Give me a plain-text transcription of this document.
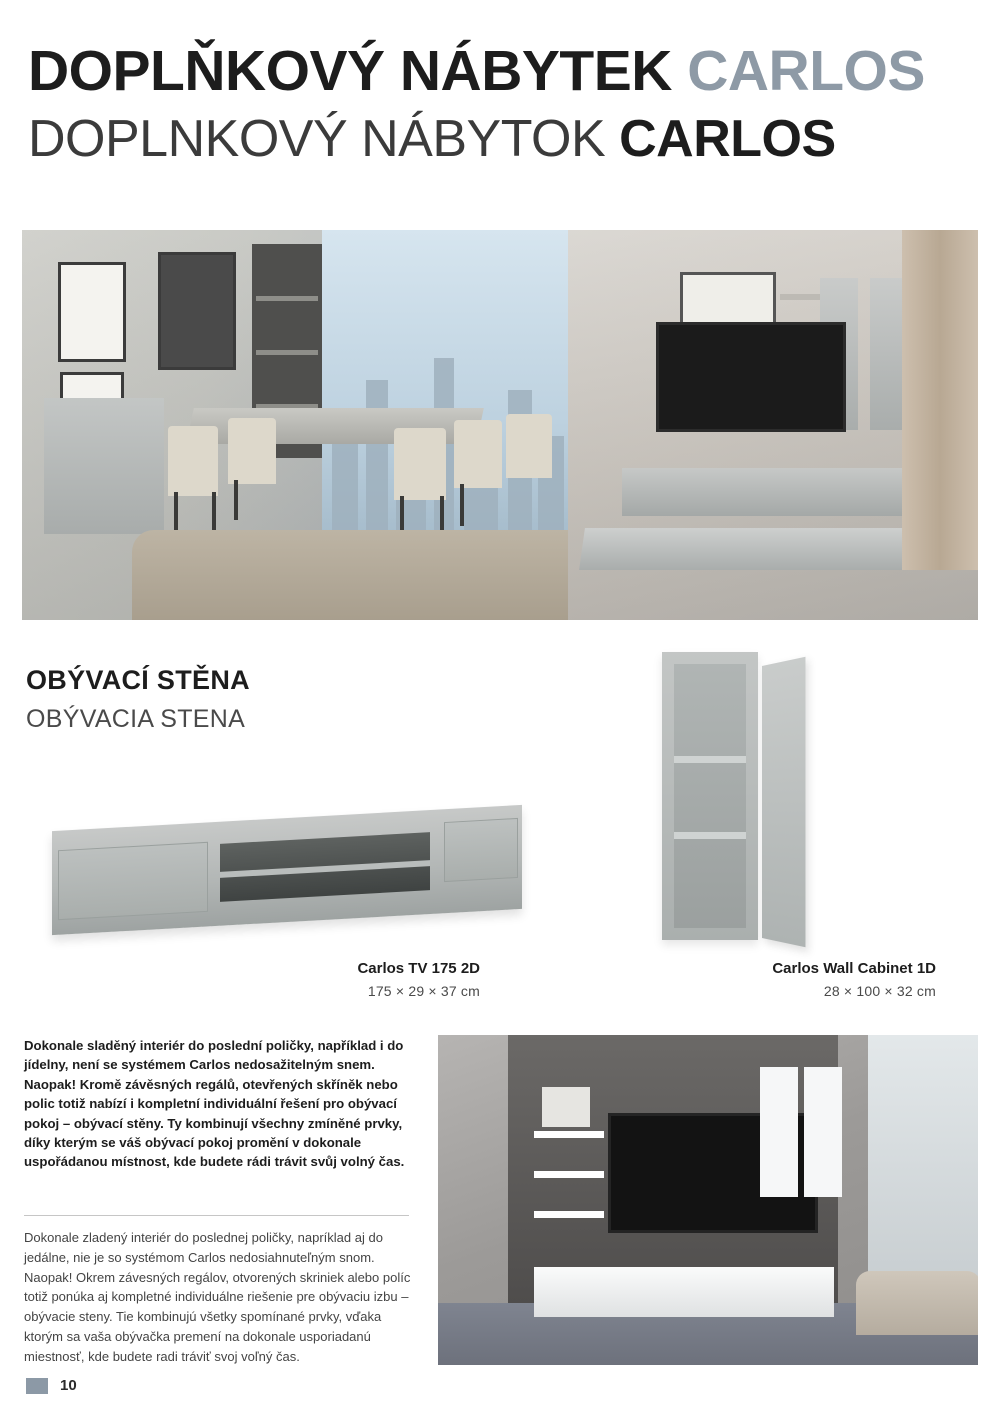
DOPLŇKOVÝ NÁBYTEK CARLOS
DOPLNKOVÝ NÁBYTOK CARLOS
OBÝVACÍ STĚNA
OBÝVACIA STENA
Carlos TV 175 2D
175 × 29 × 37 cm
Carlos Wall Cabinet 1D
28 × 100 × 32 cm
Dokonale sladěný interiér do poslední poličky, například i do jídelny, není se systémem Carlos nedosažitelným snem. Naopak! Kromě závěsných regálů, otevřených skříněk nebo polic totiž nabízí i kompletní individuální řešení pro obývací pokoj – obývací stěny. Ty kombinují všechny zmíněné prvky, díky kterým se váš obývací pokoj promění v dokonale uspořádanou místnost, kde budete rádi trávit svůj volný čas.
Dokonale zladený interiér do poslednej poličky, napríklad aj do jedálne, nie je so systémom Carlos nedosiahnuteľným snom. Naopak! Okrem závesných regálov, otvorených skriniek alebo políc totiž ponúka aj kompletné individuálne riešenie pre obývaciu izbu – obývacie steny. Tie kombinujú všetky spomínané prvky, vďaka ktorým sa vaša obývačka premení na dokonale usporiadanú miestnosť, kde budete radi tráviť svoj voľný čas.
10
